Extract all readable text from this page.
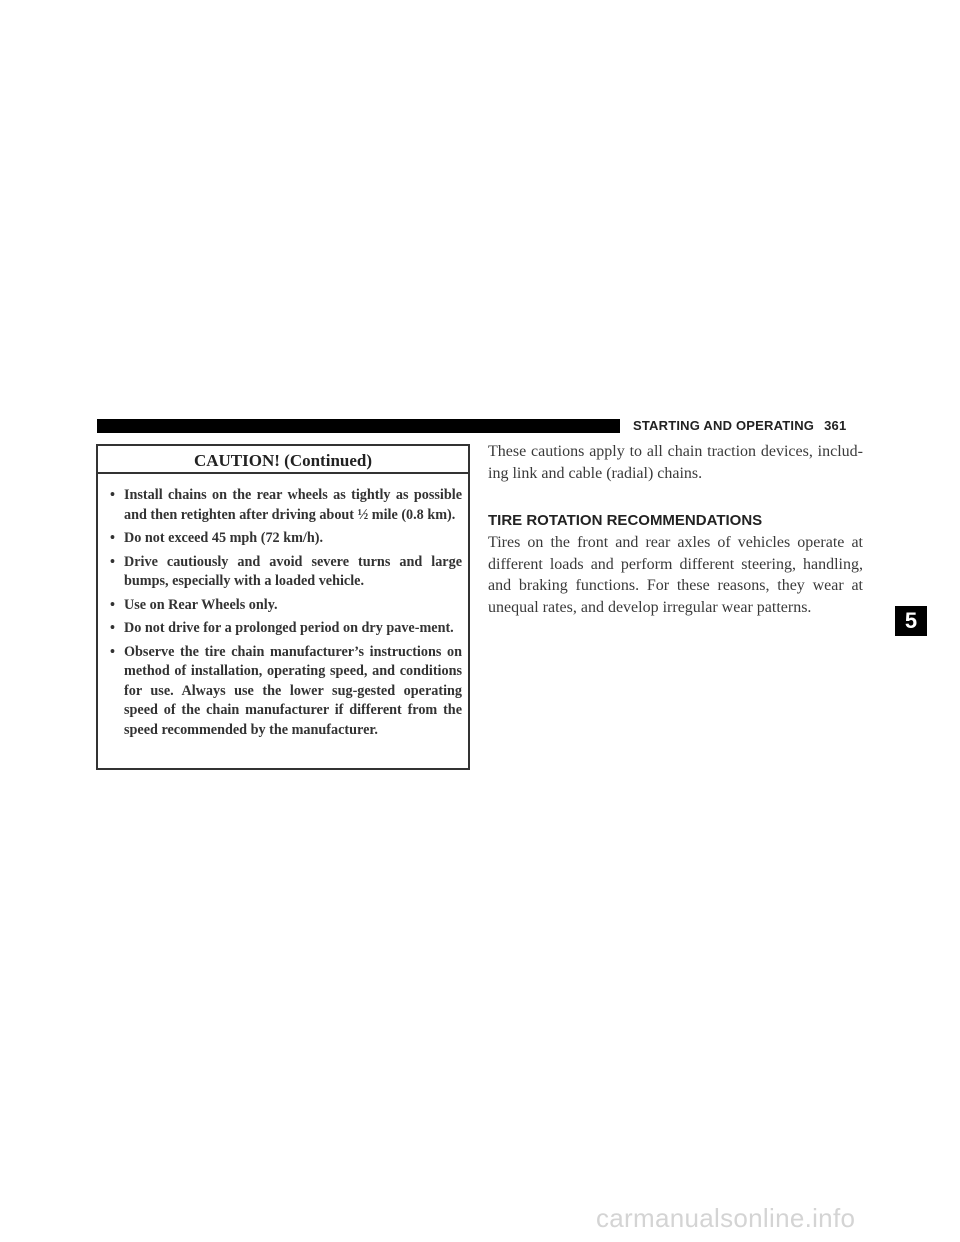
STARTING AND OPERATING 361
CAUTION! (Continued)
• Install chains on the rear wheels as tightly as possible and then retighten after driving about ½ mile (0.8 km).
• Do not exceed 45 mph (72 km/h).
• Drive cautiously and avoid severe turns and large bumps, especially with a loaded vehicle.
• Use on Rear Wheels only.
• Do not drive for a prolonged period on dry pave-ment.
• Observe the tire chain manufacturer’s instructions on method of installation, operating speed, and conditions for use. Always use the lower sug-gested operating speed of the chain manufacturer if different from the speed recommended by the manufacturer.

These cautions apply to all chain traction devices, includ-ing link and cable (radial) chains.

TIRE ROTATION RECOMMENDATIONS

Tires on the front and rear axles of vehicles operate at different loads and perform different steering, handling, and braking functions. For these reasons, they wear at unequal rates, and develop irregular wear patterns.

5
carmanualsonline.info
